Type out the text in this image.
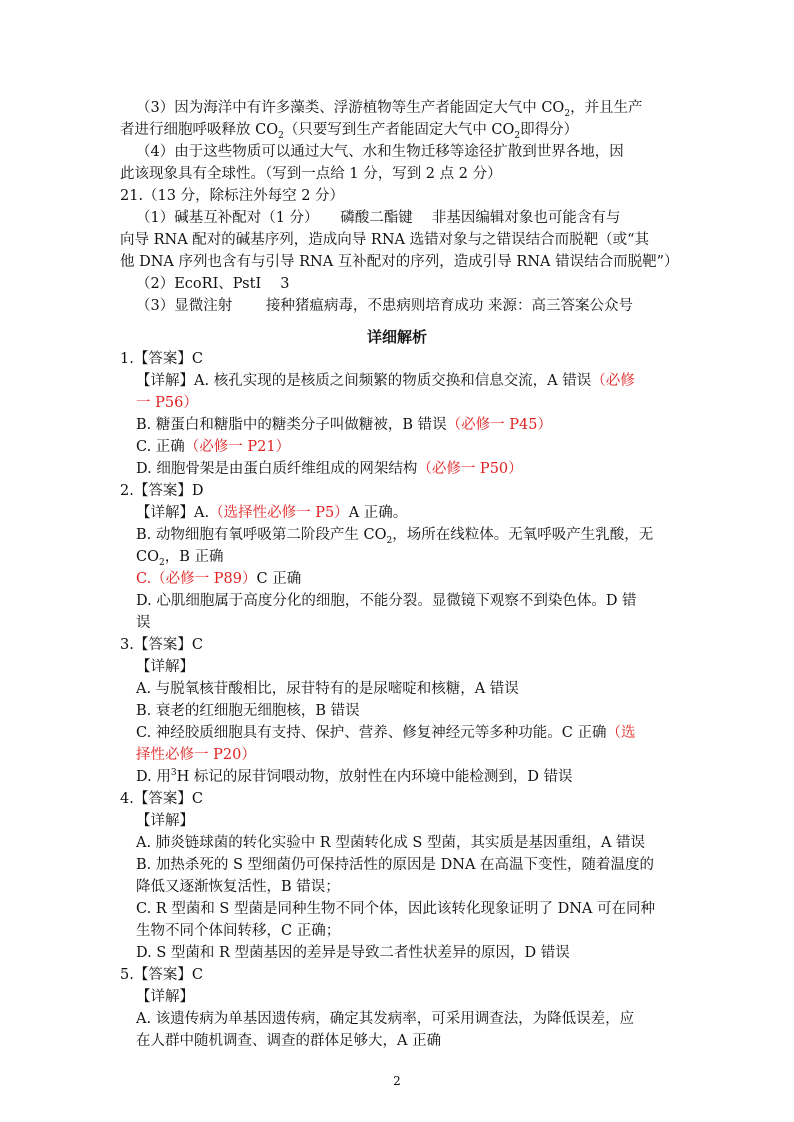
（3）因为海洋中有许多藻类、浮游植物等生产者能固定大气中 $CO_2$，并且生产
者进行细胞呼吸释放 $CO_2$（只要写到生产者能固定大气中 $CO_2$即得分）
（4）由于这些物质可以通过大气、水和生物迁移等途径扩散到世界各地，因
此该现象具有全球性。（写到一点给 1 分，写到 2 点 2 分）
21.（13 分，除标注外每空 2 分）
（1）碱基互补配对（1 分）　　磷酸二酯键　 非基因编辑对象也可能含有与
向导 RNA 配对的碱基序列，造成向导 RNA 选错对象与之错误结合而脱靶（或“其
他 DNA 序列也含有与引导 RNA 互补配对的序列，造成引导 RNA 错误结合而脱靶”）
（2）EcoRⅠ、PstⅠ　 3
（3）显微注射　　 接种猪瘟病毒，不患病则培育成功 来源：高三答案公众号
详细解析
1.【答案】C
【详解】A. 核孔实现的是核质之间频繁的物质交换和信息交流，A 错误（必修
一 P56）
B. 糖蛋白和糖脂中的糖类分子叫做糖被，B 错误（必修一 P45）
C. 正确（必修一 P21）
D. 细胞骨架是由蛋白质纤维组成的网架结构（必修一 P50）
2.【答案】D
【详解】A.（选择性必修一 P5）A 正确。
B. 动物细胞有氧呼吸第二阶段产生 $CO_2$，场所在线粒体。无氧呼吸产生乳酸，无
$CO_2$，B 正确
C.（必修一 P89）C 正确
D. 心肌细胞属于高度分化的细胞，不能分裂。显微镜下观察不到染色体。D 错
误
3.【答案】C
【详解】
A. 与脱氧核苷酸相比，尿苷特有的是尿嘧啶和核糖，A 错误
B. 衰老的红细胞无细胞核，B 错误
C. 神经胶质细胞具有支持、保护、营养、修复神经元等多种功能。C 正确（选
择性必修一 P20）
D. 用$^3$H 标记的尿苷饲喂动物，放射性在内环境中能检测到，D 错误
4.【答案】C
【详解】
A. 肺炎链球菌的转化实验中 R 型菌转化成 S 型菌，其实质是基因重组，A 错误
B. 加热杀死的 S 型细菌仍可保持活性的原因是 DNA 在高温下变性，随着温度的
降低又逐渐恢复活性，B 错误；
C. R 型菌和 S 型菌是同种生物不同个体，因此该转化现象证明了 DNA 可在同种
生物不同个体间转移，C 正确；
D. S 型菌和 R 型菌基因的差异是导致二者性状差异的原因，D 错误
5.【答案】C
【详解】
A. 该遗传病为单基因遗传病，确定其发病率，可采用调查法，为降低误差，应
在人群中随机调查、调查的群体足够大，A 正确
2
